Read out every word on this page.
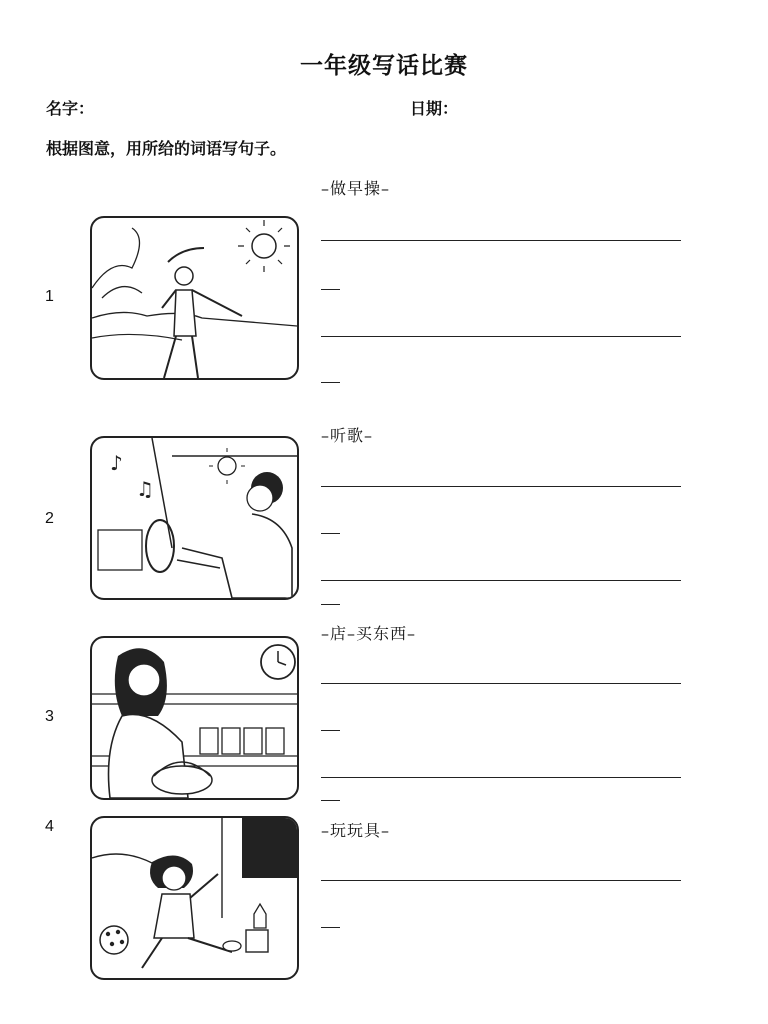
一年级写话比赛
名字：	日期：
根据图意，用所给的词语写句子。
1
–做早操–
2
–听歌–
♪
♫
3
–店–买东西–
4	–玩玩具–
